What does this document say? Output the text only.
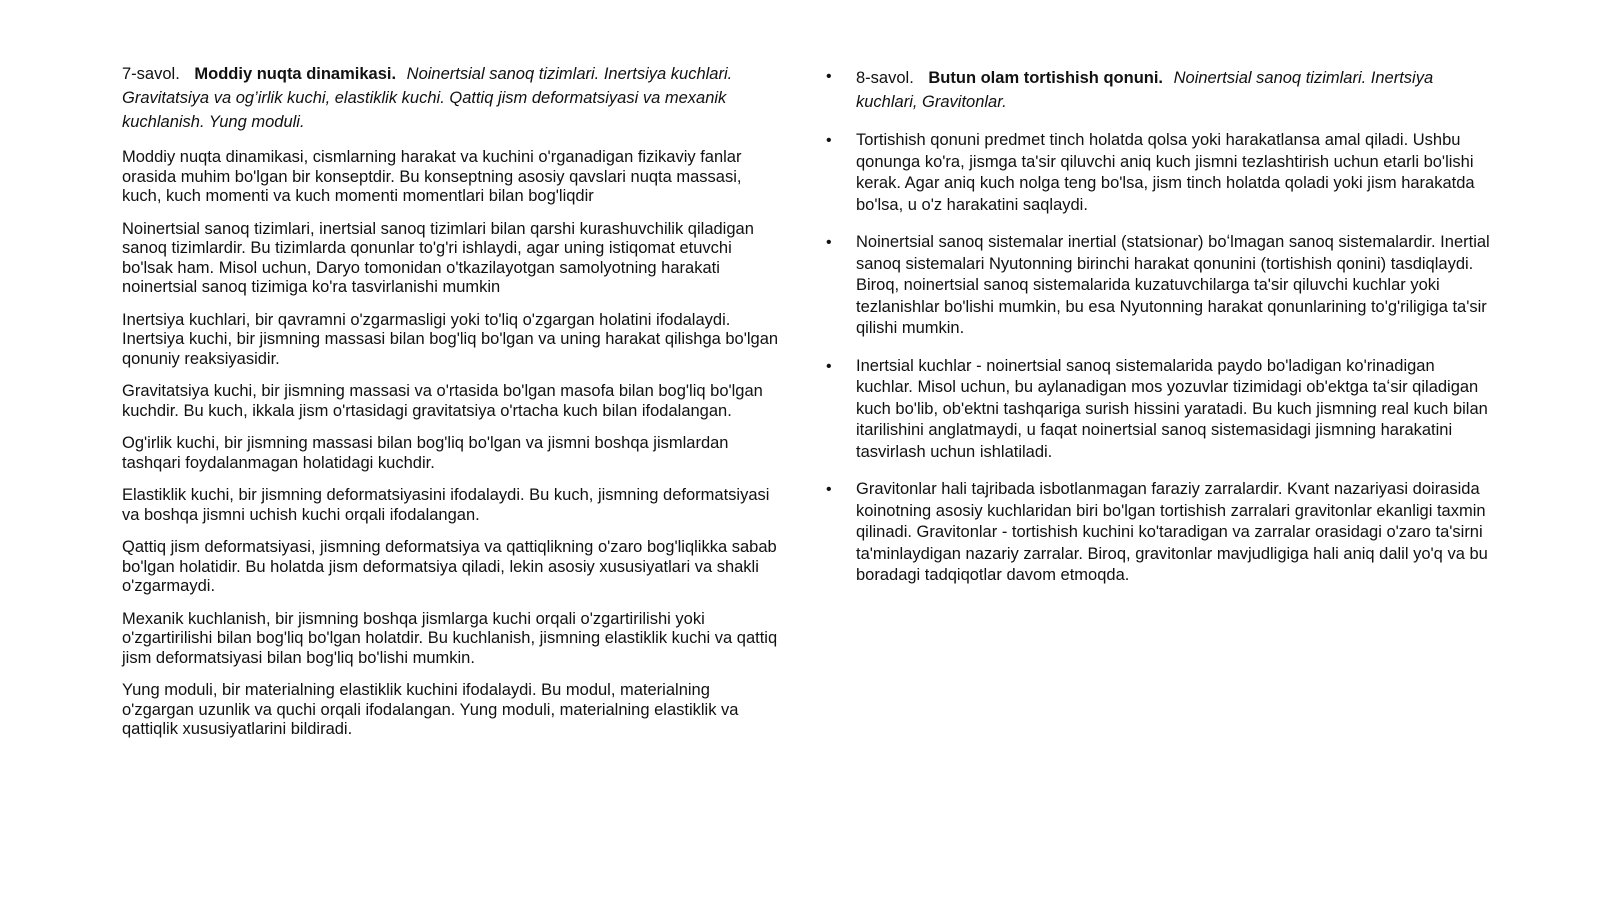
7-savol. Moddiy nuqta dinamikasi. Noinertsial sanoq tizimlari. Inertsiya kuchlari. Gravitatsiya va og’irlik kuchi, elastiklik kuchi. Qattiq jism deformatsiyasi va mexanik kuchlanish. Yung moduli.

Moddiy nuqta dinamikasi, cismlarning harakat va kuchini o'rganadigan fizikaviy fanlar orasida muhim bo'lgan bir konseptdir. Bu konseptning asosiy qavslari nuqta massasi, kuch, kuch momenti va kuch momenti momentlari bilan bog'liqdir

Noinertsial sanoq tizimlari, inertsial sanoq tizimlari bilan qarshi kurashuvchilik qiladigan sanoq tizimlardir. Bu tizimlarda qonunlar to'g'ri ishlaydi, agar uning istiqomat etuvchi bo'lsak ham. Misol uchun, Daryo tomonidan o'tkazilayotgan samolyotning harakati noinertsial sanoq tizimiga ko'ra tasvirlanishi mumkin

Inertsiya kuchlari, bir qavramni o'zgarmasligi yoki to'liq o'zgargan holatini ifodalaydi. Inertsiya kuchi, bir jismning massasi bilan bog'liq bo'lgan va uning harakat qilishga bo'lgan qonuniy reaksiyasidir.

Gravitatsiya kuchi, bir jismning massasi va o'rtasida bo'lgan masofa bilan bog'liq bo'lgan kuchdir. Bu kuch, ikkala jism o'rtasidagi gravitatsiya o'rtacha kuch bilan ifodalangan.

Og'irlik kuchi, bir jismning massasi bilan bog'liq bo'lgan va jismni boshqa jismlardan tashqari foydalanmagan holatidagi kuchdir.

Elastiklik kuchi, bir jismning deformatsiyasini ifodalaydi. Bu kuch, jismning deformatsiyasi va boshqa jismni uchish kuchi orqali ifodalangan.

Qattiq jism deformatsiyasi, jismning deformatsiya va qattiqlikning o'zaro bog'liqlikka sabab bo'lgan holatidir. Bu holatda jism deformatsiya qiladi, lekin asosiy xususiyatlari va shakli o'zgarmaydi.

Mexanik kuchlanish, bir jismning boshqa jismlarga kuchi orqali o'zgartirilishi yoki o'zgartirilishi bilan bog'liq bo'lgan holatdir. Bu kuchlanish, jismning elastiklik kuchi va qattiq jism deformatsiyasi bilan bog'liq bo'lishi mumkin.

Yung moduli, bir materialning elastiklik kuchini ifodalaydi. Bu modul, materialning o'zgargan uzunlik va quchi orqali ifodalangan. Yung moduli, materialning elastiklik va qattiqlik xususiyatlarini bildiradi.

• 8-savol. Butun olam tortishish qonuni. Noinertsial sanoq tizimlari. Inertsiya kuchlari, Gravitonlar.

• Tortishish qonuni predmet tinch holatda qolsa yoki harakatlansa amal qiladi. Ushbu qonunga ko'ra, jismga ta'sir qiluvchi aniq kuch jismni tezlashtirish uchun etarli bo'lishi kerak. Agar aniq kuch nolga teng bo'lsa, jism tinch holatda qoladi yoki jism harakatda bo'lsa, u o'z harakatini saqlaydi.
• Noinertsial sanoq sistemalar inertial (statsionar) boʻlmagan sanoq sistemalardir. Inertial sanoq sistemalari Nyutonning birinchi harakat qonunini (tortishish qonini) tasdiqlaydi. Biroq, noinertsial sanoq sistemalarida kuzatuvchilarga ta'sir qiluvchi kuchlar yoki tezlanishlar bo'lishi mumkin, bu esa Nyutonning harakat qonunlarining to'g'riligiga ta'sir qilishi mumkin.
• Inertsial kuchlar - noinertsial sanoq sistemalarida paydo bo'ladigan ko'rinadigan kuchlar. Misol uchun, bu aylanadigan mos yozuvlar tizimidagi ob'ektga taʻsir qiladigan kuch bo'lib, ob'ektni tashqariga surish hissini yaratadi. Bu kuch jismning real kuch bilan itarilishini anglatmaydi, u faqat noinertsial sanoq sistemasidagi jismning harakatini tasvirlash uchun ishlatiladi.
• Gravitonlar hali tajribada isbotlanmagan faraziy zarralardir. Kvant nazariyasi doirasida koinotning asosiy kuchlaridan biri bo'lgan tortishish zarralari gravitonlar ekanligi taxmin qilinadi. Gravitonlar - tortishish kuchini ko'taradigan va zarralar orasidagi o'zaro ta'sirni ta'minlaydigan nazariy zarralar. Biroq, gravitonlar mavjudligiga hali aniq dalil yo'q va bu boradagi tadqiqotlar davom etmoqda.
